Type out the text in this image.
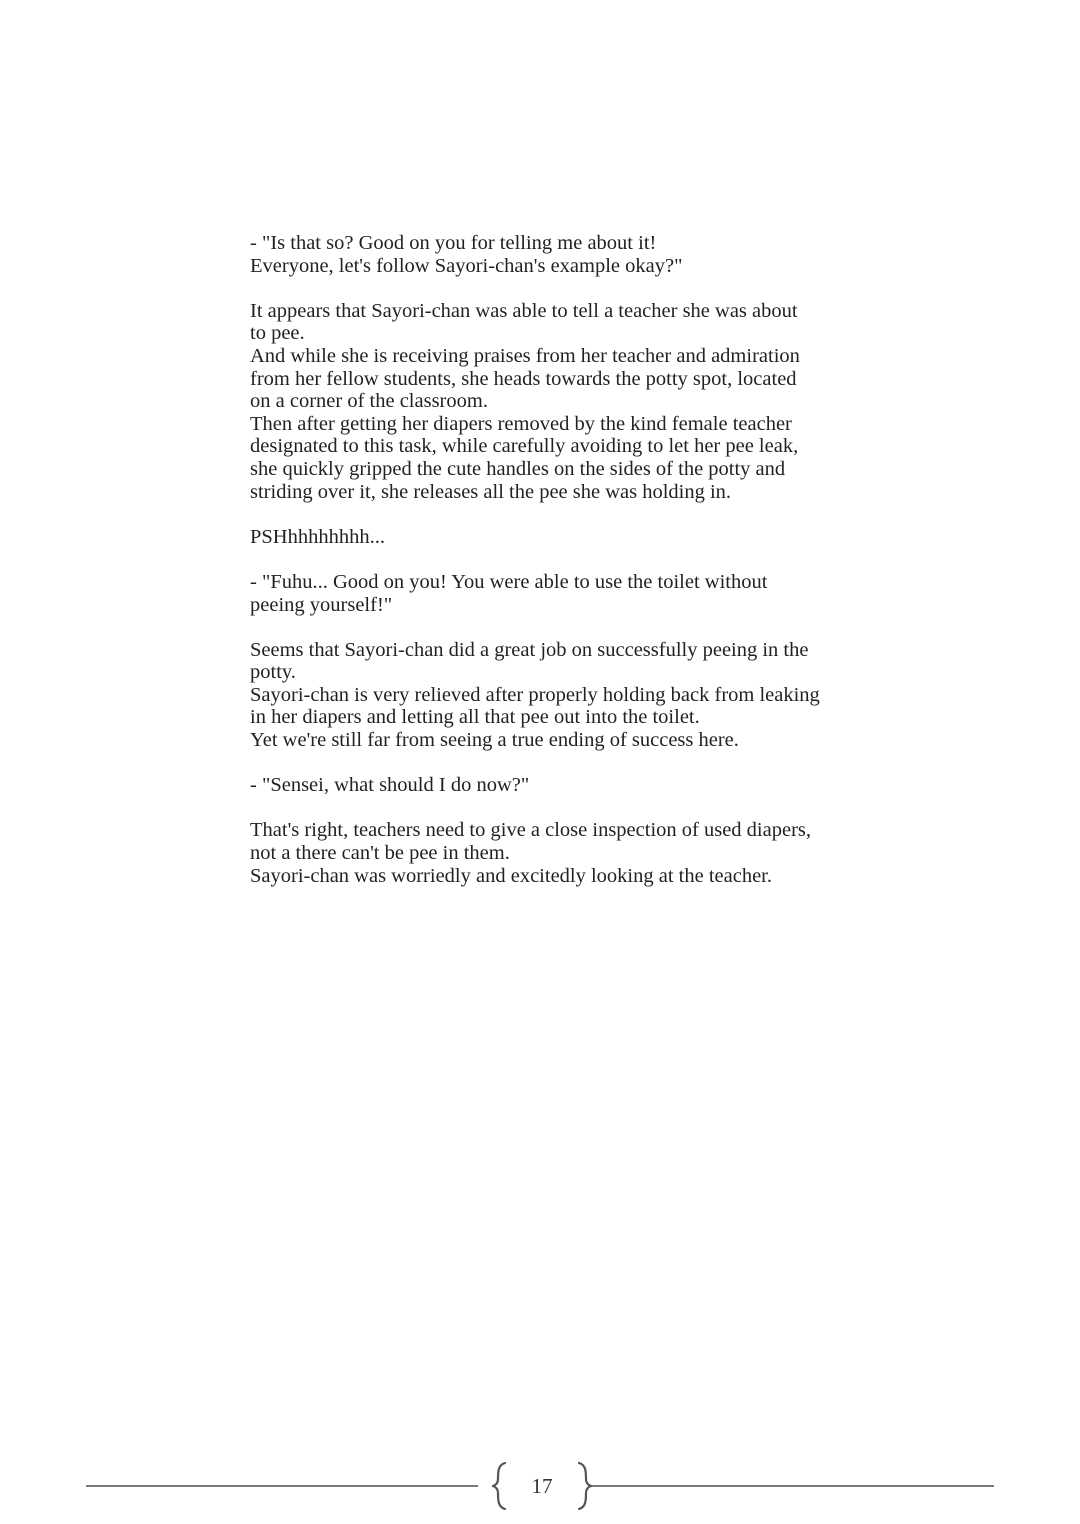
- "Is that so? Good on you for telling me about it!
Everyone, let's follow Sayori-chan's example okay?"

It appears that Sayori-chan was able to tell a teacher she was about
to pee.
And while she is receiving praises from her teacher and admiration
from her fellow students, she heads towards the potty spot, located
on a corner of the classroom.
Then after getting her diapers removed by the kind female teacher
designated to this task, while carefully avoiding to let her pee leak,
she quickly gripped the cute handles on the sides of the potty and
striding over it, she releases all the pee she was holding in.

PSHhhhhhhhh...

- "Fuhu... Good on you! You were able to use the toilet without
peeing yourself!"

Seems that Sayori-chan did a great job on successfully peeing in the
potty.
Sayori-chan is very relieved after properly holding back from leaking
in her diapers and letting all that pee out into the toilet.
Yet we're still far from seeing a true ending of success here.

- "Sensei, what should I do now?"

That's right, teachers need to give a close inspection of used diapers,
not a there can't be pee in them.
Sayori-chan was worriedly and excitedly looking at the teacher.

17
